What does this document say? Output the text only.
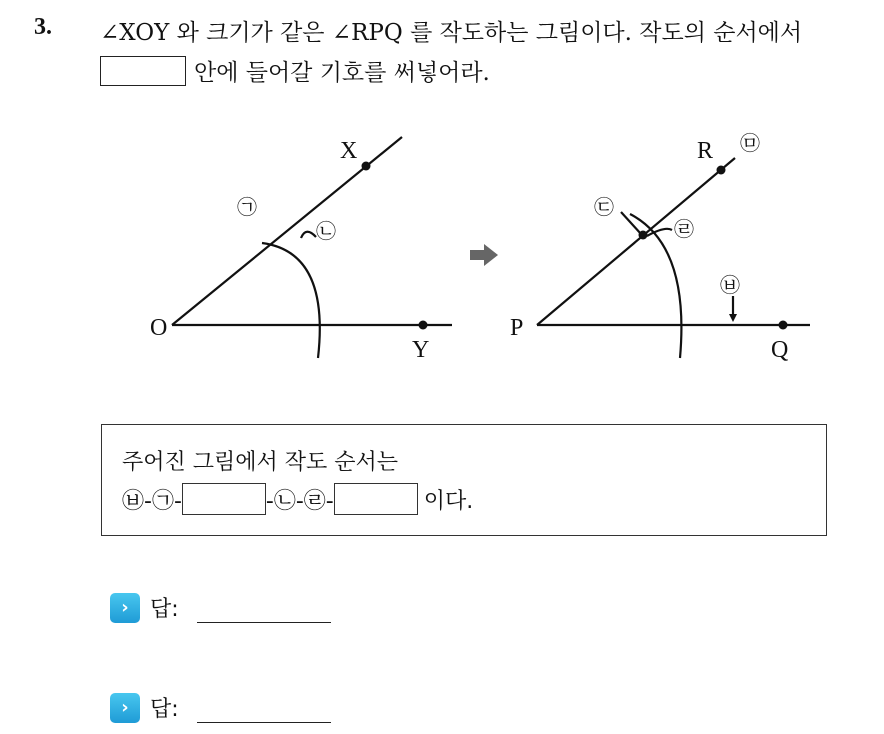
3. ∠XOY 와 크기가 같은 ∠RPQ 를 작도하는 그림이다. 작도의 순서에서
안에 들어갈 기호를 써넣어라.
O
X
Y
㉠
㉡
P
R
Q
㉢
㉣
㉤
㉥
주어진 그림에서 작도 순서는
㉥-㉠-	-㉡-㉣-	이다.
› 답:
› 답:
